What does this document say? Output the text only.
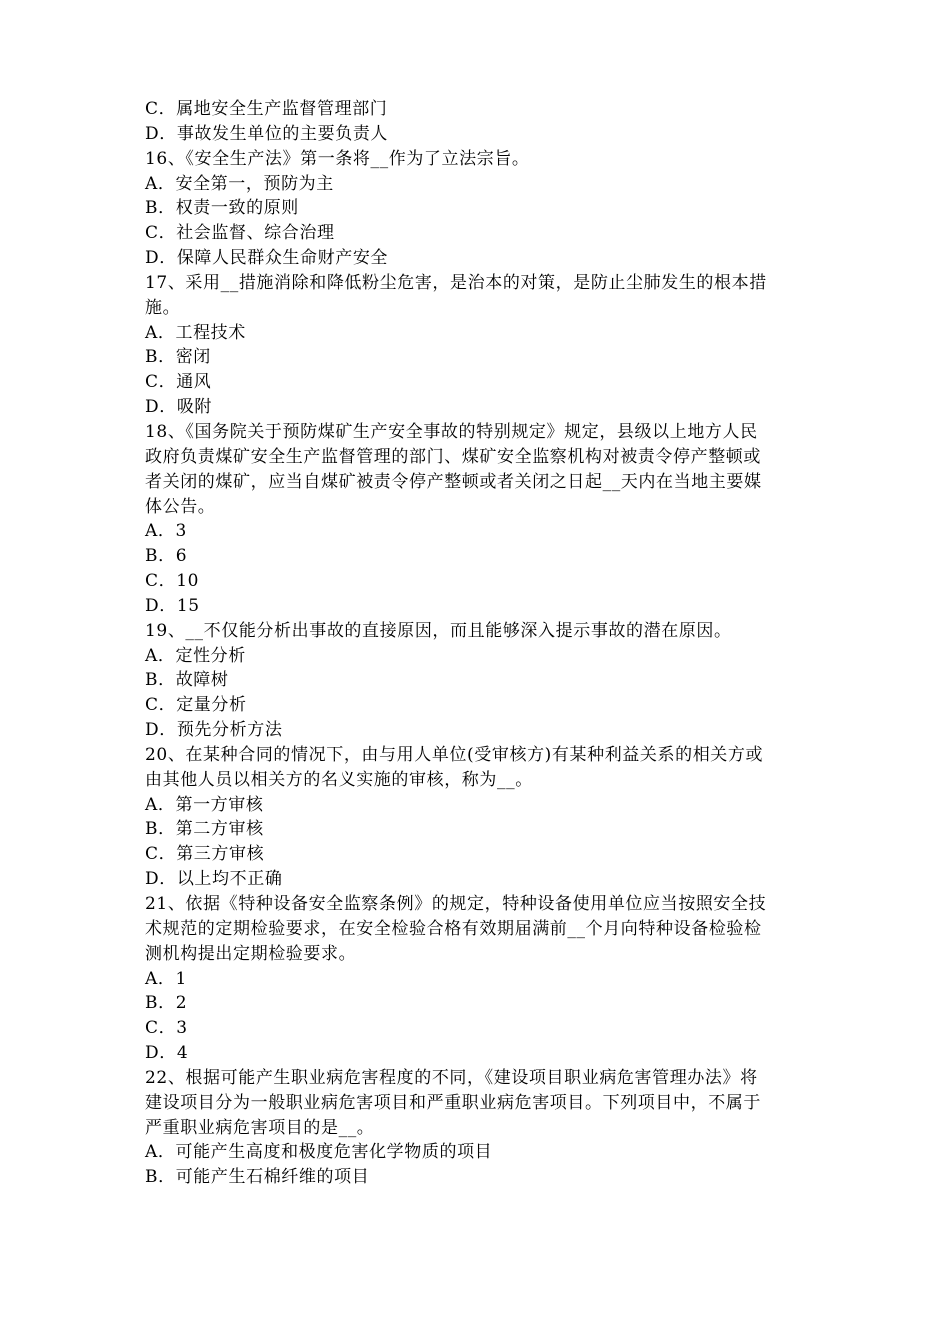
C．属地安全生产监督管理部门
D．事故发生单位的主要负责人
16、《安全生产法》第一条将__作为了立法宗旨。
A．安全第一，预防为主
B．权责一致的原则
C．社会监督、综合治理
D．保障人民群众生命财产安全
17、采用__措施消除和降低粉尘危害，是治本的对策，是防止尘肺发生的根本措
施。
A．工程技术
B．密闭
C．通风
D．吸附
18、《国务院关于预防煤矿生产安全事故的特别规定》规定，县级以上地方人民
政府负责煤矿安全生产监督管理的部门、煤矿安全监察机构对被责令停产整顿或
者关闭的煤矿，应当自煤矿被责令停产整顿或者关闭之日起__天内在当地主要媒
体公告。
A．3
B．6
C．10
D．15
19、__不仅能分析出事故的直接原因，而且能够深入提示事故的潜在原因。
A．定性分析
B．故障树
C．定量分析
D．预先分析方法
20、在某种合同的情况下，由与用人单位(受审核方)有某种利益关系的相关方或
由其他人员以相关方的名义实施的审核，称为__。
A．第一方审核
B．第二方审核
C．第三方审核
D．以上均不正确
21、依据《特种设备安全监察条例》的规定，特种设备使用单位应当按照安全技
术规范的定期检验要求，在安全检验合格有效期届满前__个月向特种设备检验检
测机构提出定期检验要求。
A．1
B．2
C．3
D．4
22、根据可能产生职业病危害程度的不同，《建设项目职业病危害管理办法》将
建设项目分为一般职业病危害项目和严重职业病危害项目。下列项目中，不属于
严重职业病危害项目的是__。
A．可能产生高度和极度危害化学物质的项目
B．可能产生石棉纤维的项目
